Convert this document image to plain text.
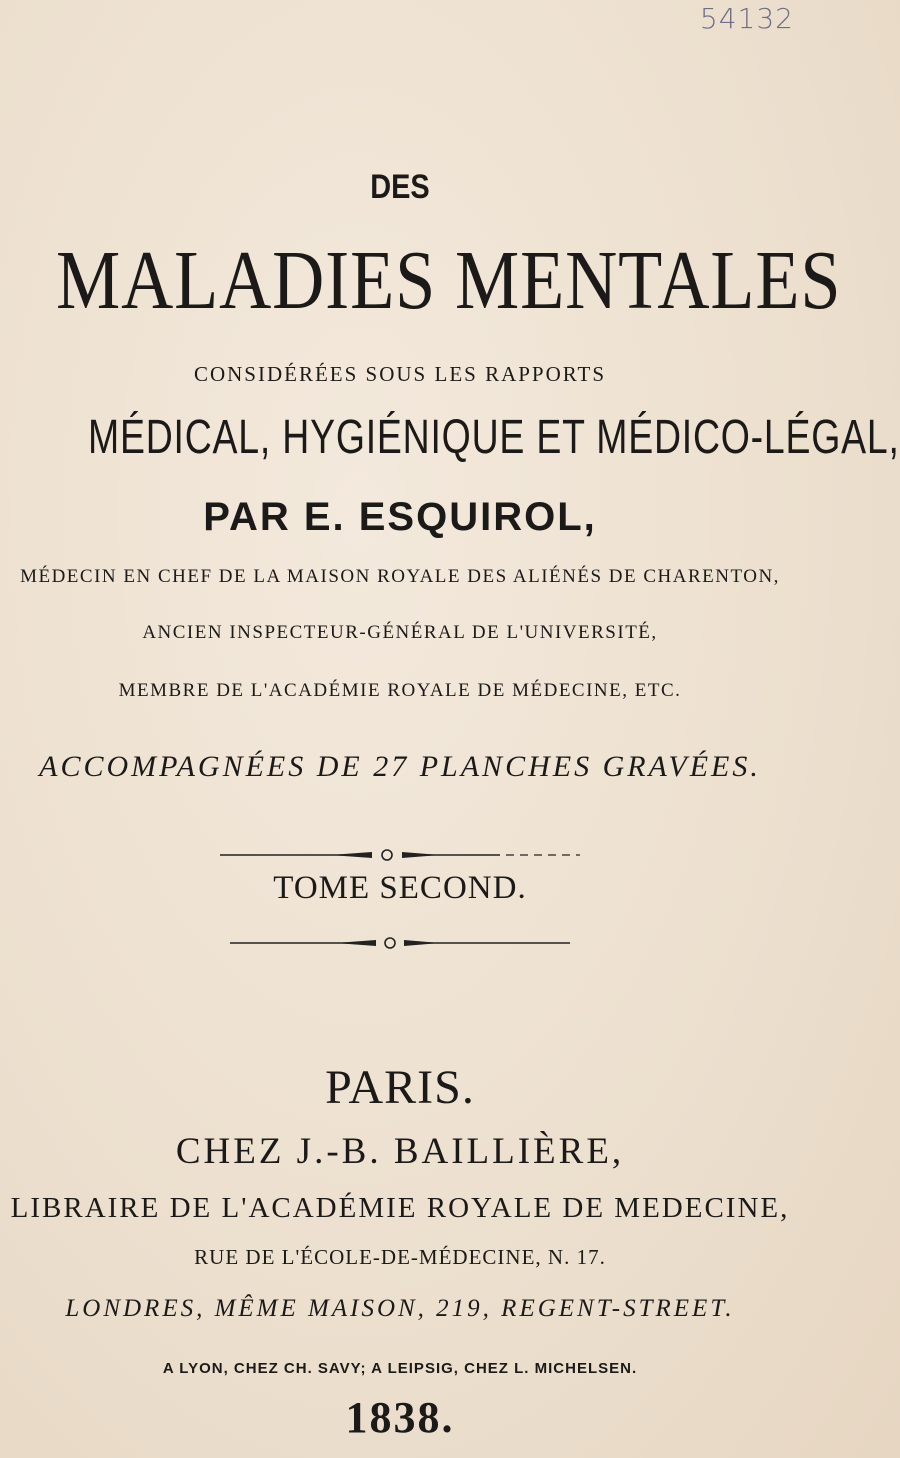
54132
DES
MALADIES MENTALES
CONSIDÉRÉES SOUS LES RAPPORTS
MÉDICAL, HYGIÉNIQUE ET MÉDICO-LÉGAL,
PAR E. ESQUIROL,
MÉDECIN EN CHEF DE LA MAISON ROYALE DES ALIÉNÉS DE CHARENTON,
ANCIEN INSPECTEUR-GÉNÉRAL DE L'UNIVERSITÉ,
MEMBRE DE L'ACADÉMIE ROYALE DE MÉDECINE, ETC.
ACCOMPAGNÉES DE 27 PLANCHES GRAVÉES.
TOME SECOND.
PARIS.
CHEZ J.-B. BAILLIÈRE,
LIBRAIRE DE L'ACADÉMIE ROYALE DE MEDECINE,
RUE DE L'ÉCOLE-DE-MÉDECINE, N. 17.
LONDRES, MÊME MAISON, 219, REGENT-STREET.
A LYON, CHEZ CH. SAVY; A LEIPSIG, CHEZ L. MICHELSEN.
1838.
